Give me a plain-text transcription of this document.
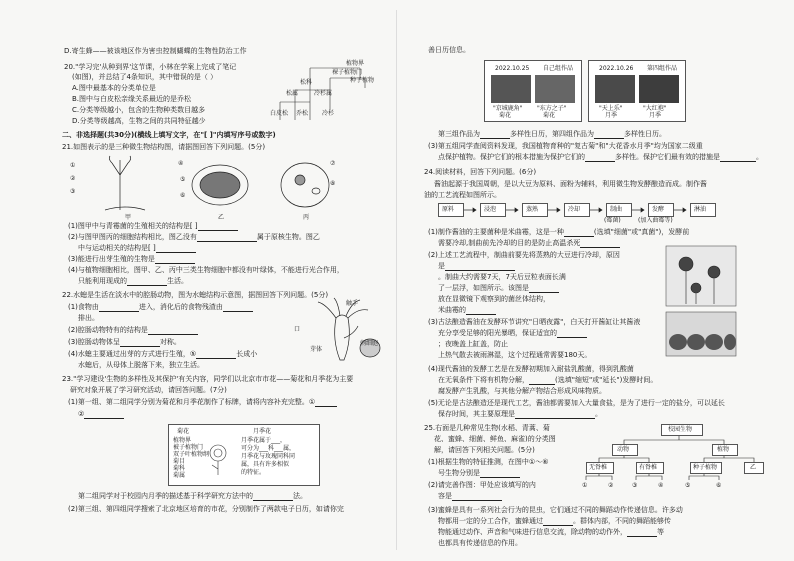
D.寄生蜂——被该地区作为害虫控制蝴蝶的生物性防治工作
20."学习完'从种到界'这节课，小林在学案上完成了笔记
(如图)，并总结了4条知识，其中错误的是（ ）
A.图中最基本的分类单位是
B.图中与白皮松亲缘关系最近的是乔松
C.分类等级越小，包含的生物种类数目越多
D.分类等级越高，生物之间的共同特征越少
植物界
裸子植物门
种子植物
松科
松属	冷杉属
白皮松 乔松 冷杉
二、非选择题(共30分)(横线上填写文字，在"[ ]"内填写序号或数字)
21.如图表示的是三种微生物结构图，请据图回答下列问题。(5分)
①
②
③
④
⑤
⑥
⑦
⑧
甲	乙	丙
(1)图甲中与青霉菌的生殖相关的结构是[ ]
(2)与图甲图丙的细胞结构相比，图乙没有	属于原核生物。图乙
中与运动相关的结构是[ ]
(3)能进行出芽生殖的生物是
(4)与植物细胞相比，图甲、乙、丙中三类生物细胞中都没有叶绿体，不能进行光合作用，
只能利用现成的	生活。
22.水螅是生活在淡水中的腔肠动物，图为水螅结构示意图，据图回答下列问题。(5分)
(1)食物由	进入，消化后的食物残渣由
排出。
(2)腔肠动物特有的结构是
(3)腔肠动物体呈	对称。
(4)水螅主要通过出芽的方式进行生殖，⑤	长成小
水螅后，从母体上脱落下来，独立生活。
口
触手
刺细胞
芽体
23."学习建设'生物的多样性及其保护'有关内容，同学们以北京市市花——菊花和月季花为主要
研究对象开展了学习研究活动，请回答问题。(7分)
(1)第一组、第二组同学分别为菊花和月季花制作了标牌，请将内容补充完整。①
②
菊花
植物界
被子植物门
双子叶植物纲
菊目
菊科
菊属
月季花
月季花属于___，
可分为___科___属，
月季花与玫瑰同科同
属，具有许多相似
的特征。
第二组同学对于校园内月季的描述基于科学研究方法中的	法。
(2)第三组、第四组同学搜索了北京地区培育的市花，分别制作了两款电子日历，如请你完
善日历信息。
2022.10.25 自己组作品
"京城鹿角"
菊花
"东方之子"
菊花
2022.10.26 第四组作品
"天上乐"
月季
"大红袍"
月季
第三组作品为	多样性日历，第四组作品为	多样性日历。
(3)第五组同学查阅资料发现，我国植物育种的"复古菊"和"大花香水月季"均为国家二级重
点保护植物。保护它们的根本措施为保护它们的	多样性。保护它们最有效的措施是	。
24.阅读材料，回答下列问题。(6分)
酱油起源于我国周朝，是以大豆为原料、面粉为辅料，利用微生物发酵酿造而成。制作酱
油的工艺流程如图所示。
原料	浸泡	蒸熟	冷却	制曲	发酵	淋油
(霉菌)	(加入曲霉等)
(1)制作酱油的主要菌种是米曲霉，这是一种	(选填"细菌"或"真菌")，发酵前
需要冷却,制曲前先冷却的目的是防止高温杀死
(2)上述工艺流程中，制曲前要先将蒸熟的大豆进行冷却，原因
是
。制曲大约需要7天，7天后豆粒表面长满
了一层浮，如图所示。该图是
放在显微镜下观察到的菌丝体结构，
米曲霉的
(3)古法酿造酱油在发酵环节讲究"日晒夜露"，白天打开酱缸让其酱液
充分享受足够的阳光暴晒，保证适宜的
；夜晚盖上缸盖，防止
上热气散去被雨淋湿，这个过程通常需要180天。
(4)现代酱油的发酵工艺是在发酵初期加入耐盐乳酸菌，得到乳酸菌
在无氧条件下将有机物分解，	(选填"缩短"或"延长")发酵时间。
腐发酵产生乳酸，与其他分解产物结合形成风味物质。
(5)无论是古法酿造还是现代工艺，酱油都需要加入大量食盐，是为了进行一定的盐分，可以延长
保存时间，其主要原理是	。
25.右面是几种常见生物(水稻、青蒿、菊
花、蜜蜂、细菌、鲜鱼、麻雀)的分类图
解，请回答下列相关问题。(5分)
(1)根据生物的特征推测，在图中①～⑥
号生物分别是
(2)请完善作图：甲处应该填写的内
容是
(3)蜜蜂是具有一系列社会行为的昆虫，它们通过不同的舞蹈动作传递信息。许多动
物都用一定的分工合作，蜜蜂通过	。群体内部，不同的舞蹈能够传
物能通过动作、声音和气味进行信息交流，除动物的动作外，	等
也都具有传递信息的作用。
校园生物
动物	植物
无脊椎	有脊椎	种子植物	乙
①	②	③	④	⑤	⑥
